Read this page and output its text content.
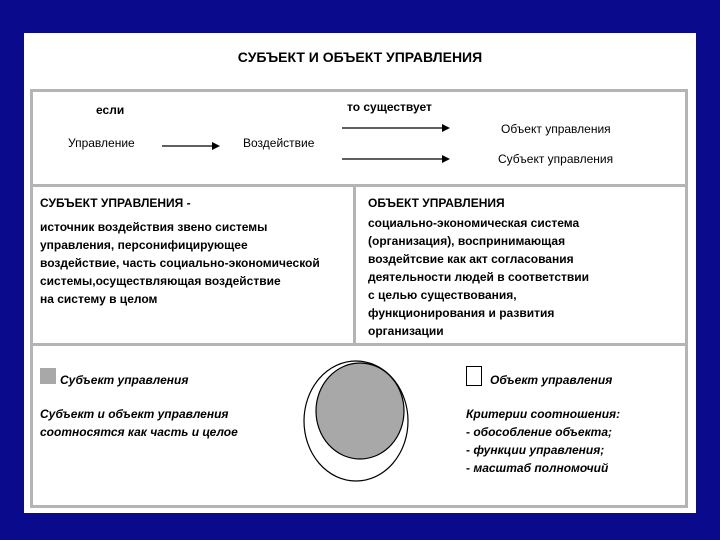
СУБЪЕКТ И ОБЪЕКТ УПРАВЛЕНИЯ
если	то существует
Управление	Воздействие
Объект управления
Субъект управления
СУБЪЕКТ УПРАВЛЕНИЯ -
источник воздействия звено системы
управления, персонифицирующее
воздействие, часть социально-экономической
системы,осуществляющая воздействие
на систему в целом
ОБЪЕКТ УПРАВЛЕНИЯ
социально-экономическая система
(организация), воспринимающая
воздейтсвие как акт согласования
деятельности людей в соответствии
с целью существования,
функционирования и развития
организации
Субъект управления	Объект управления
Субъект и объект управления
соотносятся как часть и целое
Критерии соотношения:
- обособление объекта;
- функции управления;
- масштаб полномочий
